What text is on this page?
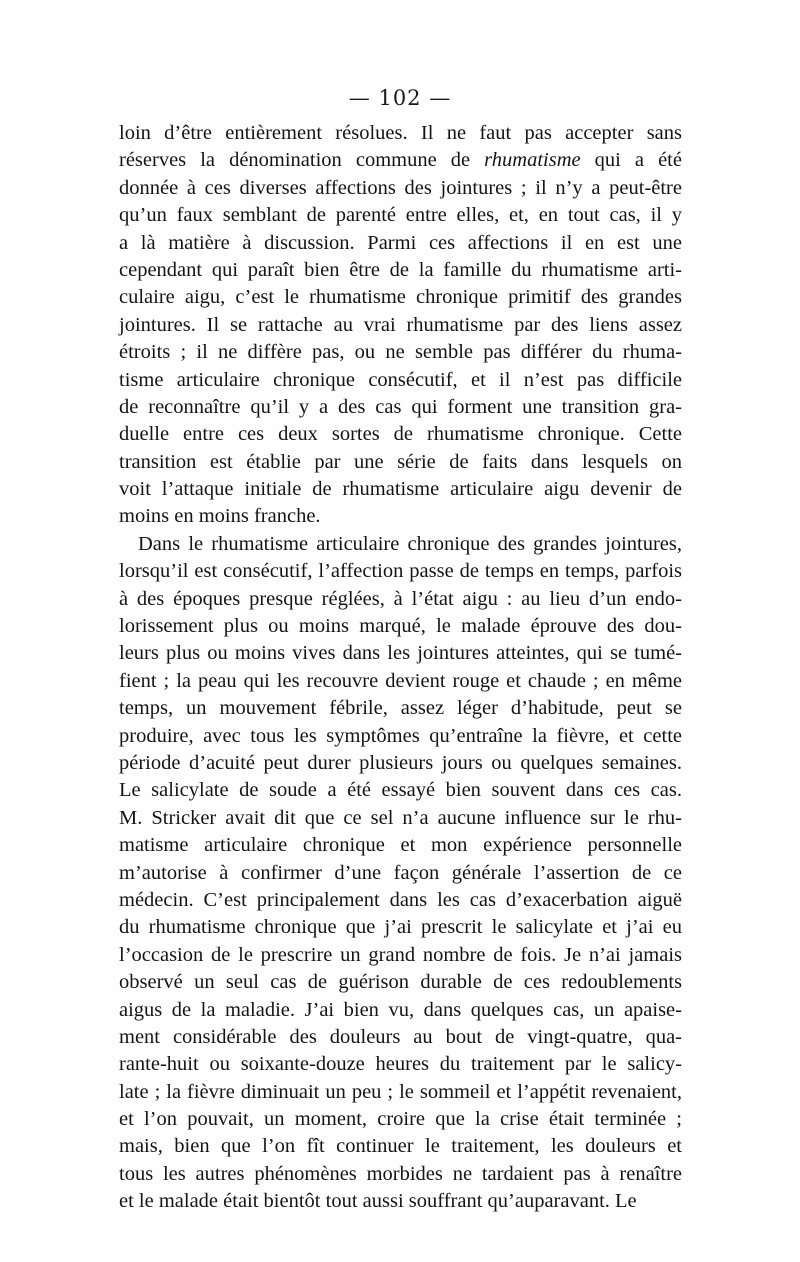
— 102 —
loin d’être entièrement résolues. Il ne faut pas accepter sans
réserves la dénomination commune de rhumatisme qui a été
donnée à ces diverses affections des jointures ; il n’y a peut-être
qu’un faux semblant de parenté entre elles, et, en tout cas, il y
a là matière à discussion. Parmi ces affections il en est une
cependant qui paraît bien être de la famille du rhumatisme arti-
culaire aigu, c’est le rhumatisme chronique primitif des grandes
jointures. Il se rattache au vrai rhumatisme par des liens assez
étroits ; il ne diffère pas, ou ne semble pas différer du rhuma-
tisme articulaire chronique consécutif, et il n’est pas difficile
de reconnaître qu’il y a des cas qui forment une transition gra-
duelle entre ces deux sortes de rhumatisme chronique. Cette
transition est établie par une série de faits dans lesquels on
voit l’attaque initiale de rhumatisme articulaire aigu devenir de
moins en moins franche.
Dans le rhumatisme articulaire chronique des grandes jointures,
lorsqu’il est consécutif, l’affection passe de temps en temps, parfois
à des époques presque réglées, à l’état aigu : au lieu d’un endo-
lorissement plus ou moins marqué, le malade éprouve des dou-
leurs plus ou moins vives dans les jointures atteintes, qui se tumé-
fient ; la peau qui les recouvre devient rouge et chaude ; en même
temps, un mouvement fébrile, assez léger d’habitude, peut se
produire, avec tous les symptômes qu’entraîne la fièvre, et cette
période d’acuité peut durer plusieurs jours ou quelques semaines.
Le salicylate de soude a été essayé bien souvent dans ces cas.
M. Stricker avait dit que ce sel n’a aucune influence sur le rhu-
matisme articulaire chronique et mon expérience personnelle
m’autorise à confirmer d’une façon générale l’assertion de ce
médecin. C’est principalement dans les cas d’exacerbation aiguë
du rhumatisme chronique que j’ai prescrit le salicylate et j’ai eu
l’occasion de le prescrire un grand nombre de fois. Je n’ai jamais
observé un seul cas de guérison durable de ces redoublements
aigus de la maladie. J’ai bien vu, dans quelques cas, un apaise-
ment considérable des douleurs au bout de vingt-quatre, qua-
rante-huit ou soixante-douze heures du traitement par le salicy-
late ; la fièvre diminuait un peu ; le sommeil et l’appétit revenaient,
et l’on pouvait, un moment, croire que la crise était terminée ;
mais, bien que l’on fît continuer le traitement, les douleurs et
tous les autres phénomènes morbides ne tardaient pas à renaître
et le malade était bientôt tout aussi souffrant qu’auparavant. Le
